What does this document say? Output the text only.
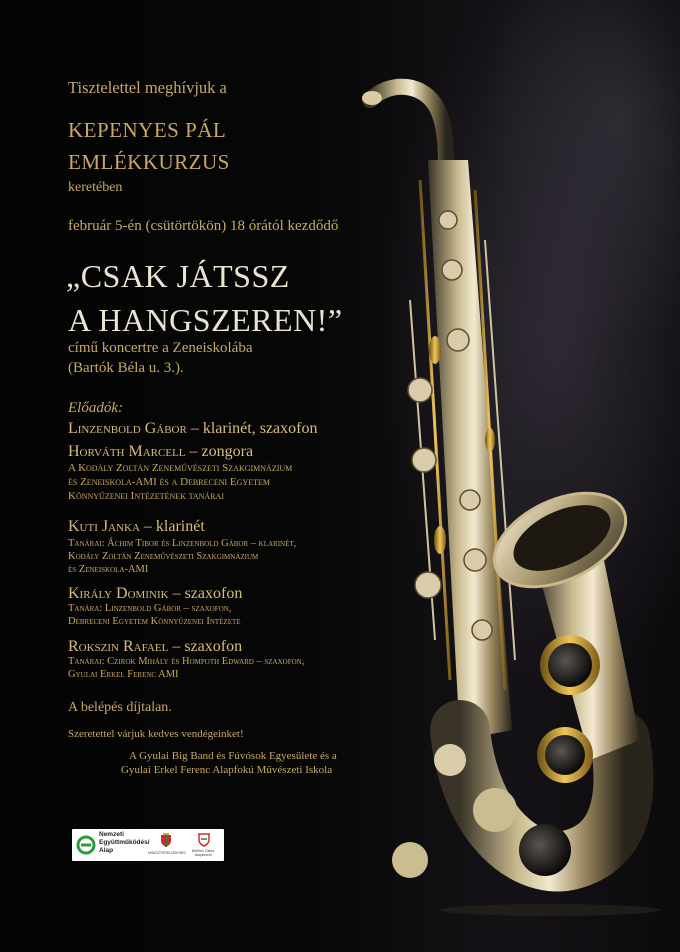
Tisztelettel meghívjuk a
KEPENYES PÁL
EMLÉKKURZUS
keretében
február 5-én (csütörtökön) 18 órától kezdődő
„CSAK JÁTSSZ
A HANGSZEREN!”
című koncertre a Zeneiskolába
(Bartók Béla u. 3.).
Előadók:
Linzenbold Gábor – klarinét, szaxofon
Horváth Marcell – zongora
A Kodály Zoltán Zeneművészeti Szakgimnázium
és Zeneiskola-AMI és a Debreceni Egyetem
Könnyűzenei Intézetének tanárai
Kuti Janka – klarinét
Tanárai: Áchim Tibor és Linzenbold Gábor – klarinét,
Kodály Zoltán Zeneművészeti Szakgimnázium
és Zeneiskola-AMI
Király Dominik – szaxofon
Tanára: Linzenbold Gábor – szaxofon,
Debreceni Egyetem Könnyűzenei Intézete
Rokszin Rafael – szaxofon
Tanárai: Czirok Mihály és Hompoth Edward – szaxofon,
Gyulai Erkel Ferenc AMI
A belépés díjtalan.
Szeretettel várjuk kedves vendégeinket!
A Gyulai Big Band és Fúvósok Egyesülete és a
Gyulai Erkel Ferenc Alapfokú Művészeti Iskola
Nemzeti
Együttműködési
Alap	MINISZTERELNÖKSÉG Bethlen Gábor
Alapkezelő
